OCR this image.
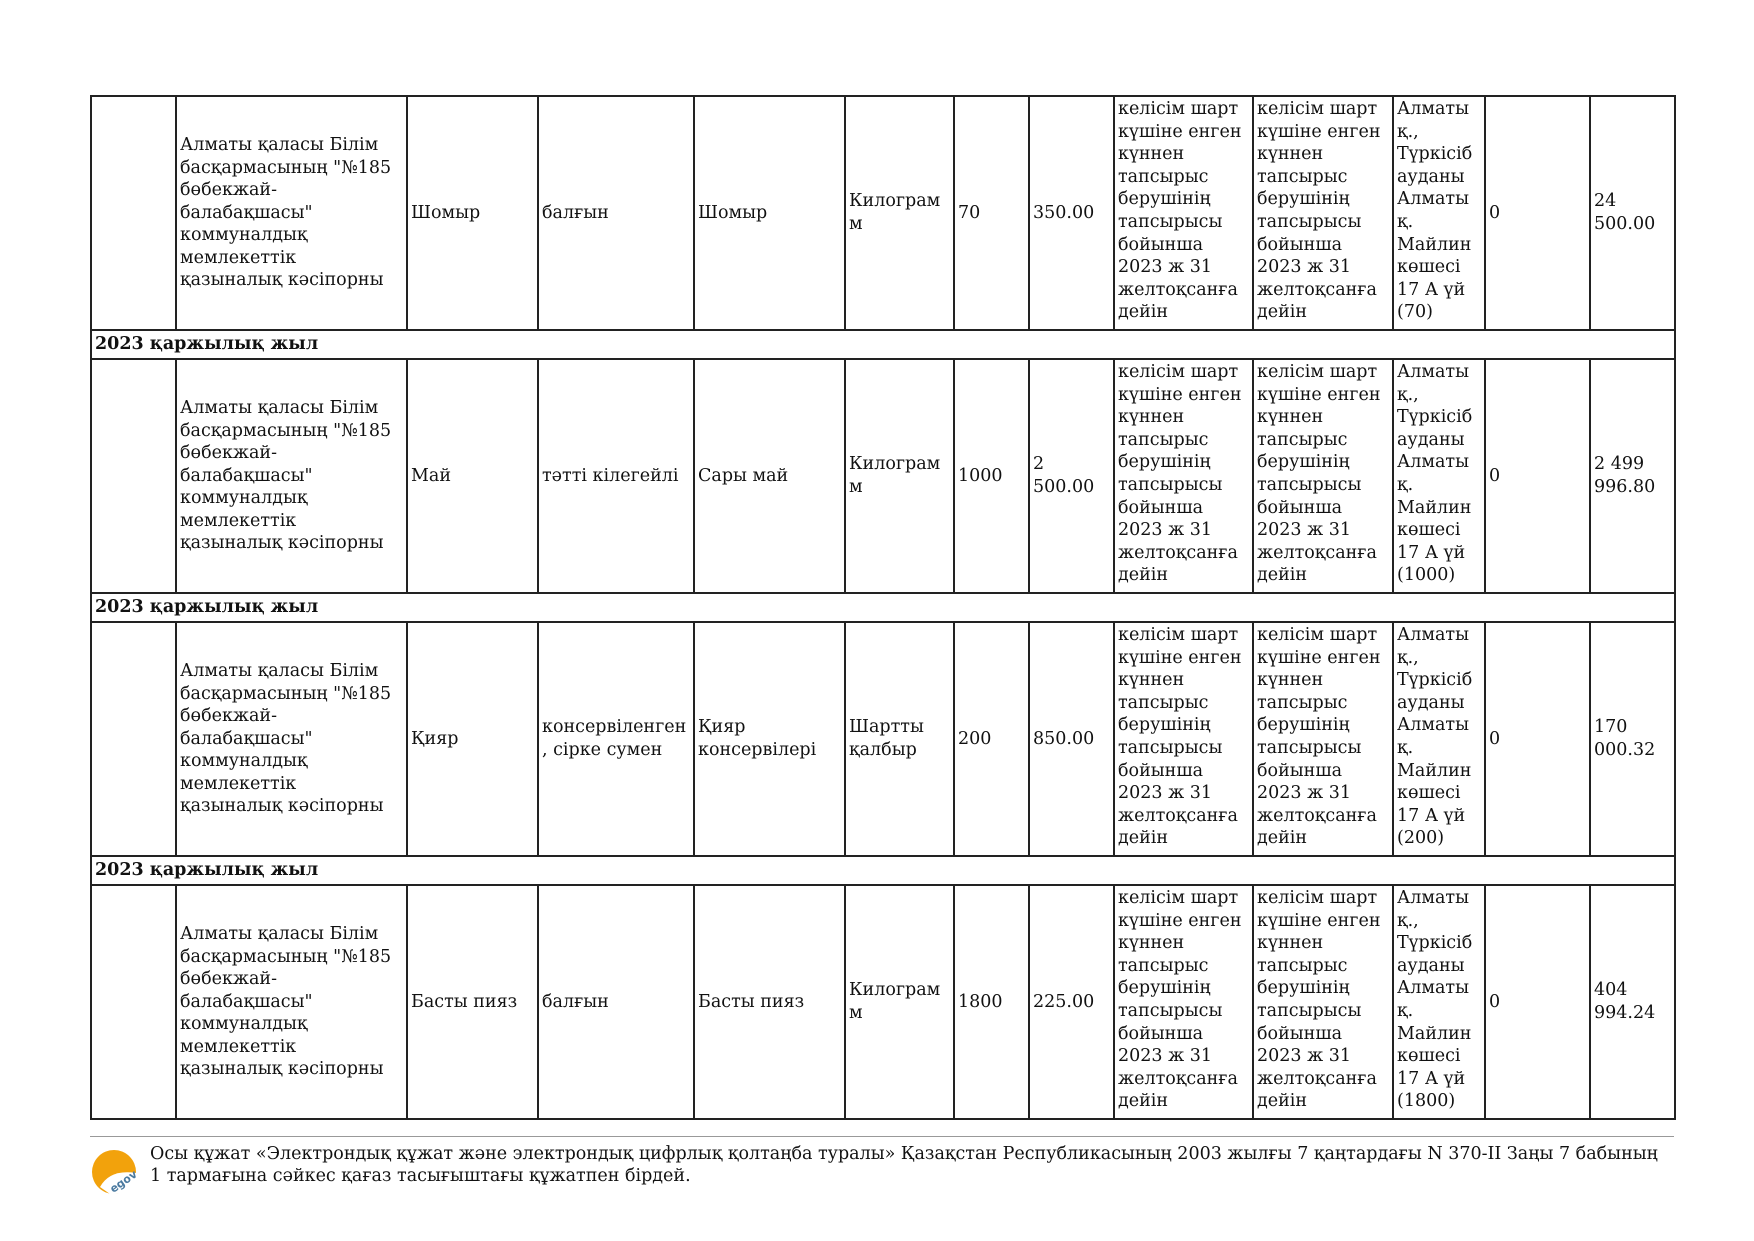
	Алматы қаласы Білім басқармасының "№185 бөбекжай-балабақшасы" коммуналдық мемлекеттік қазыналық кәсіпорны	Шомыр	балғын	Шомыр	Килограмм	70	350.00	келісім шарт күшіне енген күннен тапсырыс берушінің тапсырысы бойынша 2023 ж 31 желтоқсанға дейін	келісім шарт күшіне енген күннен тапсырыс берушінің тапсырысы бойынша 2023 ж 31 желтоқсанға дейін	Алматы қ., Түркісіб ауданы Алматы қ. Майлин көшесі 17 А үй (70)	0	24 500.00
2023 қаржылық жыл												
	Алматы қаласы Білім басқармасының "№185 бөбекжай-балабақшасы" коммуналдық мемлекеттік қазыналық кәсіпорны	Май	тәтті кілегейлі	Сары май	Килограмм	1000	2 500.00	келісім шарт күшіне енген күннен тапсырыс берушінің тапсырысы бойынша 2023 ж 31 желтоқсанға дейін	келісім шарт күшіне енген күннен тапсырыс берушінің тапсырысы бойынша 2023 ж 31 желтоқсанға дейін	Алматы қ., Түркісіб ауданы Алматы қ. Майлин көшесі 17 А үй (1000)	0	2 499 996.80
2023 қаржылық жыл												
	Алматы қаласы Білім басқармасының "№185 бөбекжай-балабақшасы" коммуналдық мемлекеттік қазыналық кәсіпорны	Қияр	консервіленген, сірке сумен	Қияр консервілері	Шартты қалбыр	200	850.00	келісім шарт күшіне енген күннен тапсырыс берушінің тапсырысы бойынша 2023 ж 31 желтоқсанға дейін	келісім шарт күшіне енген күннен тапсырыс берушінің тапсырысы бойынша 2023 ж 31 желтоқсанға дейін	Алматы қ., Түркісіб ауданы Алматы қ. Майлин көшесі 17 А үй (200)	0	170 000.32
2023 қаржылық жыл												
	Алматы қаласы Білім басқармасының "№185 бөбекжай-балабақшасы" коммуналдық мемлекеттік қазыналық кәсіпорны	Басты пияз	балғын	Басты пияз	Килограмм	1800	225.00	келісім шарт күшіне енген күннен тапсырыс берушінің тапсырысы бойынша 2023 ж 31 желтоқсанға дейін	келісім шарт күшіне енген күннен тапсырыс берушінің тапсырысы бойынша 2023 ж 31 желтоқсанға дейін	Алматы қ., Түркісіб ауданы Алматы қ. Майлин көшесі 17 А үй (1800)	0	404 994.24
egov
Осы құжат «Электрондық құжат және электрондық цифрлық қолтаңба туралы» Қазақстан Республикасының 2003 жылғы 7 қаңтардағы N 370-II Заңы 7 бабының 1 тармағына сәйкес қағаз тасығыштағы құжатпен бірдей.
